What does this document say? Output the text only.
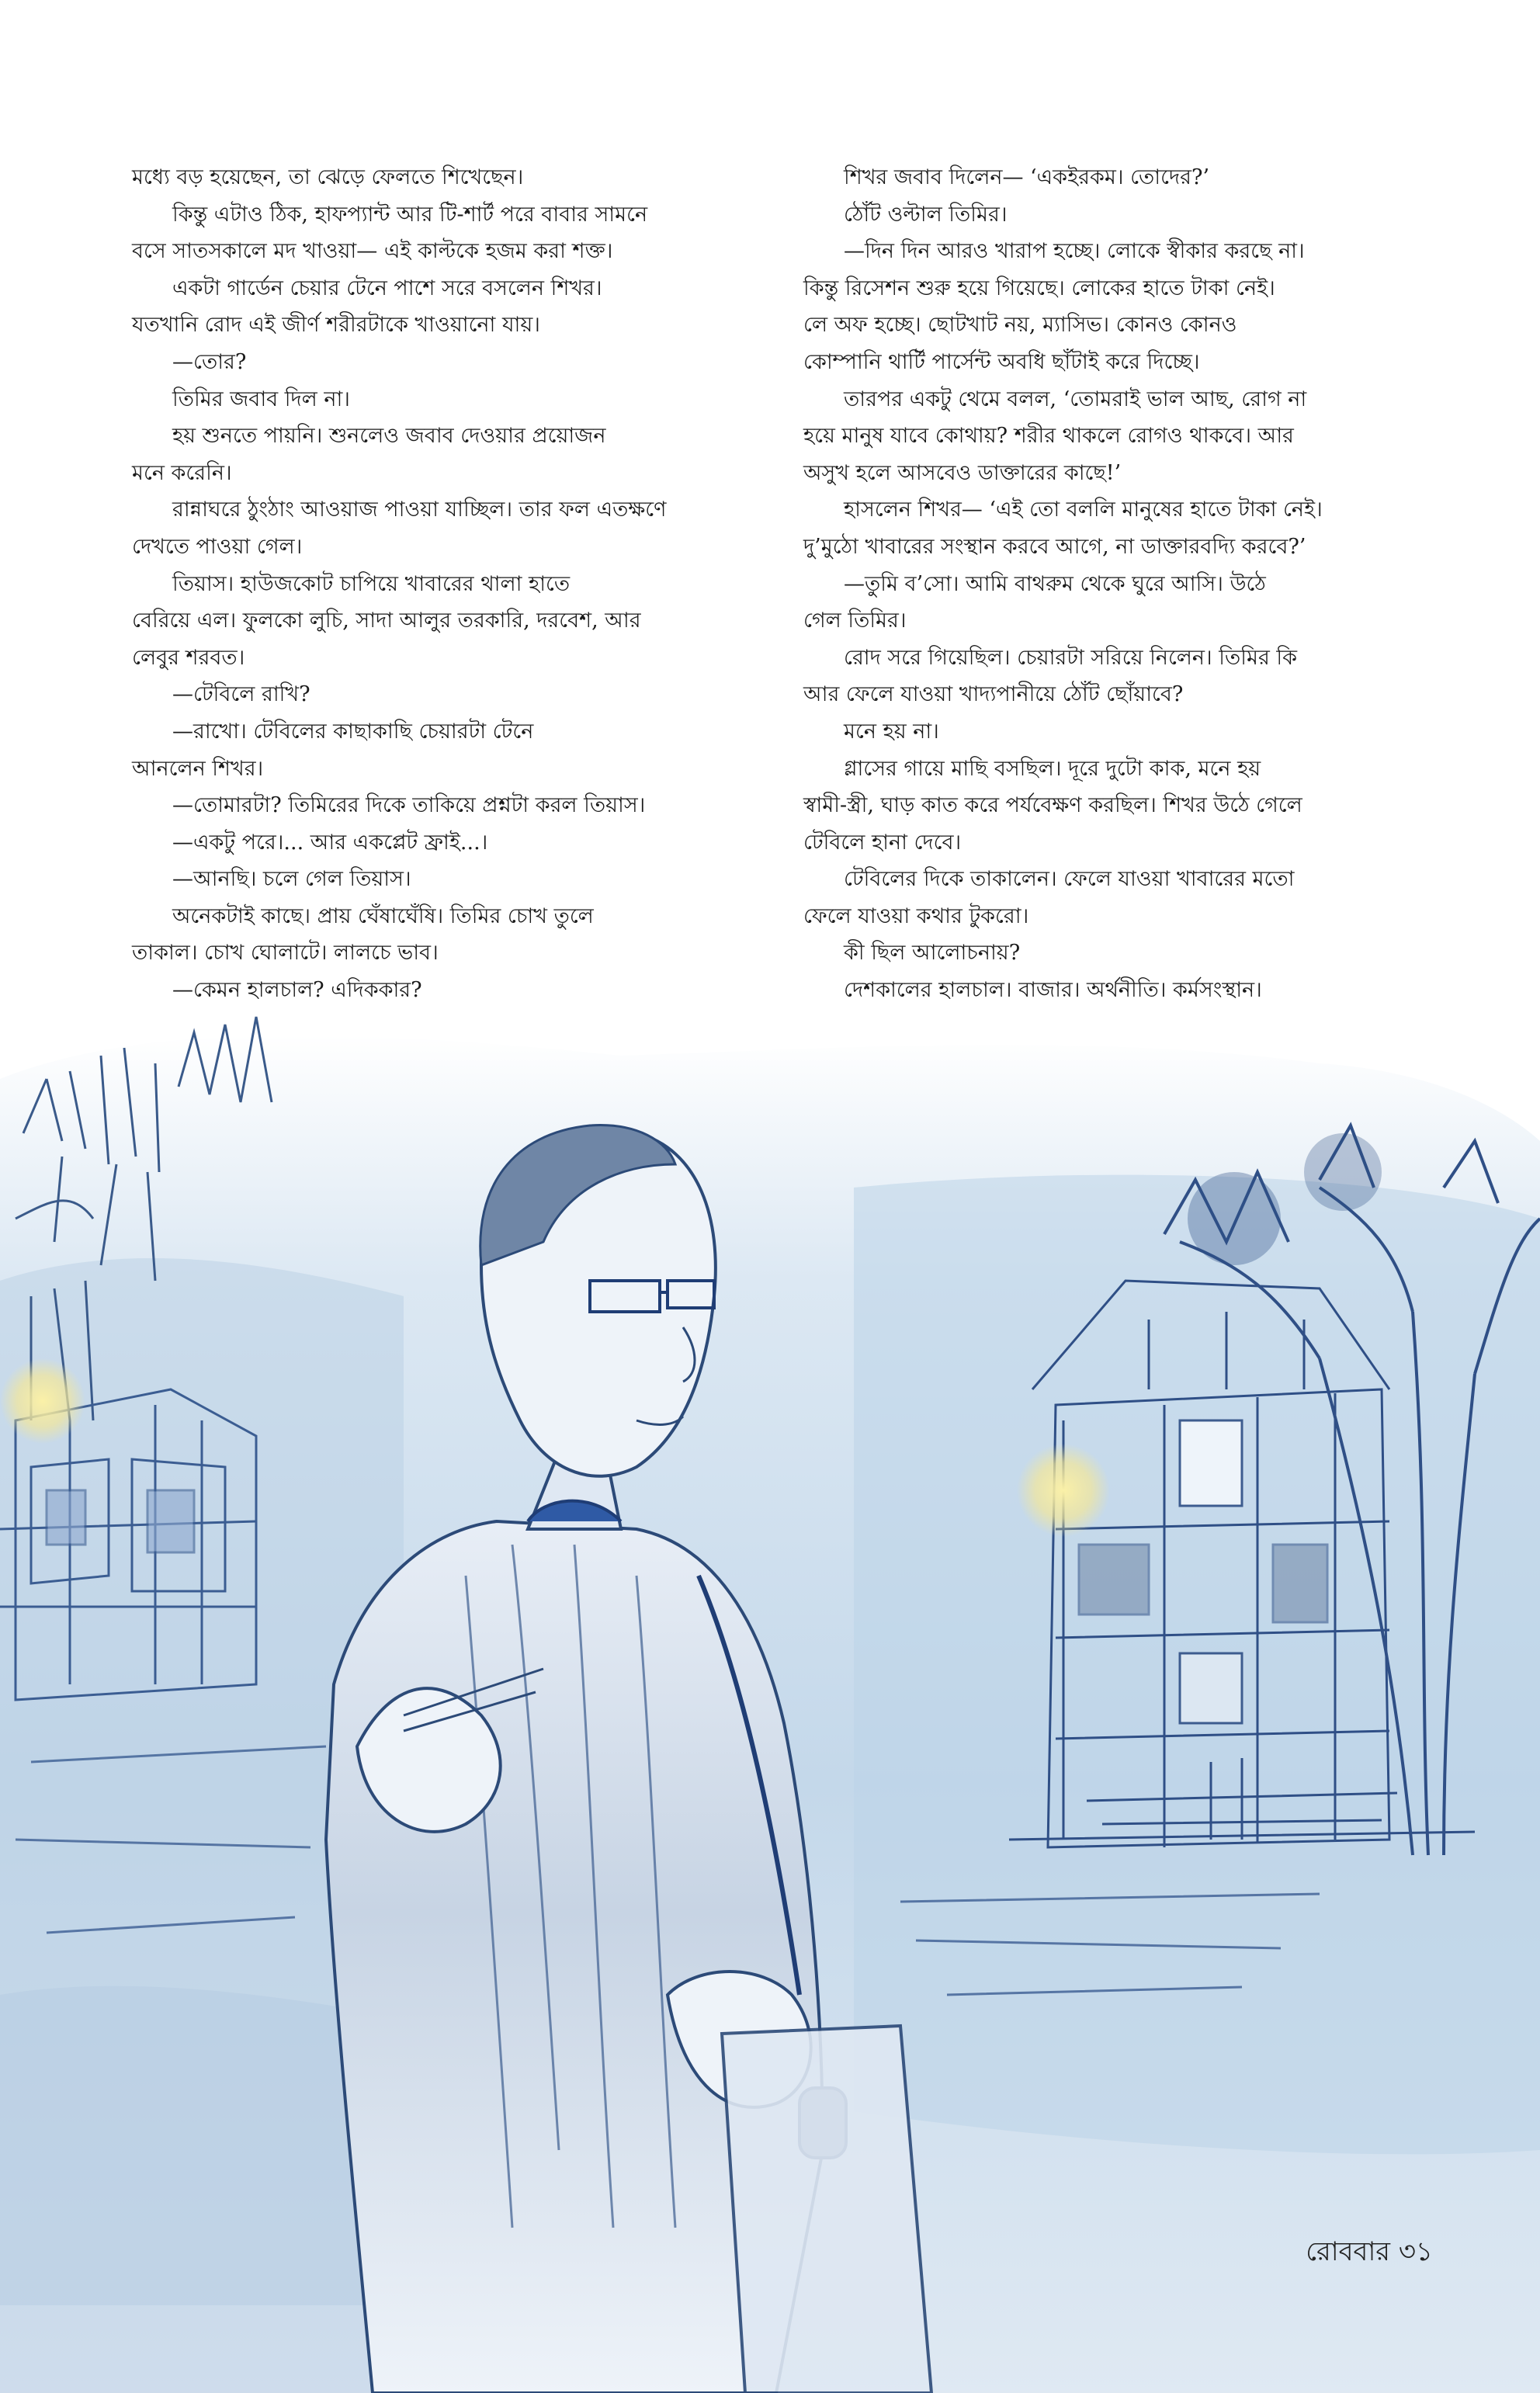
মধ্যে বড় হয়েছেন, তা ঝেড়ে ফেলতে শিখেছেন।

কিন্তু এটাও ঠিক, হাফপ্যান্ট আর টি-শার্ট পরে বাবার সামনে

বসে সাতসকালে মদ খাওয়া— এই কাল্টকে হজম করা শক্ত।

একটা গার্ডেন চেয়ার টেনে পাশে সরে বসলেন শিখর।

যতখানি রোদ এই জীর্ণ শরীরটাকে খাওয়ানো যায়।

—তোর?

তিমির জবাব দিল না।

হয় শুনতে পায়নি। শুনলেও জবাব দেওয়ার প্রয়োজন

মনে করেনি।

রান্নাঘরে ঠুংঠাং আওয়াজ পাওয়া যাচ্ছিল। তার ফল এতক্ষণে

দেখতে পাওয়া গেল।

তিয়াস। হাউজকোট চাপিয়ে খাবারের থালা হাতে

বেরিয়ে এল। ফুলকো লুচি, সাদা আলুর তরকারি, দরবেশ, আর

লেবুর শরবত।

—টেবিলে রাখি?

—রাখো। টেবিলের কাছাকাছি চেয়ারটা টেনে

আনলেন শিখর।

—তোমারটা? তিমিরের দিকে তাকিয়ে প্রশ্নটা করল তিয়াস।

—একটু পরে।... আর একপ্লেট ফ্রাই...।

—আনছি। চলে গেল তিয়াস।

অনেকটাই কাছে। প্রায় ঘেঁষাঘেঁষি। তিমির চোখ তুলে

তাকাল। চোখ ঘোলাটে। লালচে ভাব।

—কেমন হালচাল? এদিককার?

শিখর জবাব দিলেন— ‘একইরকম। তোদের?’

ঠোঁট ওল্টাল তিমির।

—দিন দিন আরও খারাপ হচ্ছে। লোকে স্বীকার করছে না।

কিন্তু রিসেশন শুরু হয়ে গিয়েছে। লোকের হাতে টাকা নেই।

লে অফ হচ্ছে। ছোটখাট নয়, ম্যাসিভ। কোনও কোনও

কোম্পানি থার্টি পার্সেন্ট অবধি ছাঁটাই করে দিচ্ছে।

তারপর একটু থেমে বলল, ‘তোমরাই ভাল আছ, রোগ না

হয়ে মানুষ যাবে কোথায়? শরীর থাকলে রোগও থাকবে। আর

অসুখ হলে আসবেও ডাক্তারের কাছে!’

হাসলেন শিখর— ‘এই তো বললি মানুষের হাতে টাকা নেই।

দু’মুঠো খাবারের সংস্থান করবে আগে, না ডাক্তারবদ্যি করবে?’

—তুমি ব’সো। আমি বাথরুম থেকে ঘুরে আসি। উঠে

গেল তিমির।

রোদ সরে গিয়েছিল। চেয়ারটা সরিয়ে নিলেন। তিমির কি

আর ফেলে যাওয়া খাদ্যপানীয়ে ঠোঁট ছোঁয়াবে?

মনে হয় না।

গ্লাসের গায়ে মাছি বসছিল। দূরে দুটো কাক, মনে হয়

স্বামী-স্ত্রী, ঘাড় কাত করে পর্যবেক্ষণ করছিল। শিখর উঠে গেলে

টেবিলে হানা দেবে।

টেবিলের দিকে তাকালেন। ফেলে যাওয়া খাবারের মতো

ফেলে যাওয়া কথার টুকরো।

কী ছিল আলোচনায়?

দেশকালের হালচাল। বাজার। অর্থনীতি। কর্মসংস্থান।

রোববার ৩১
